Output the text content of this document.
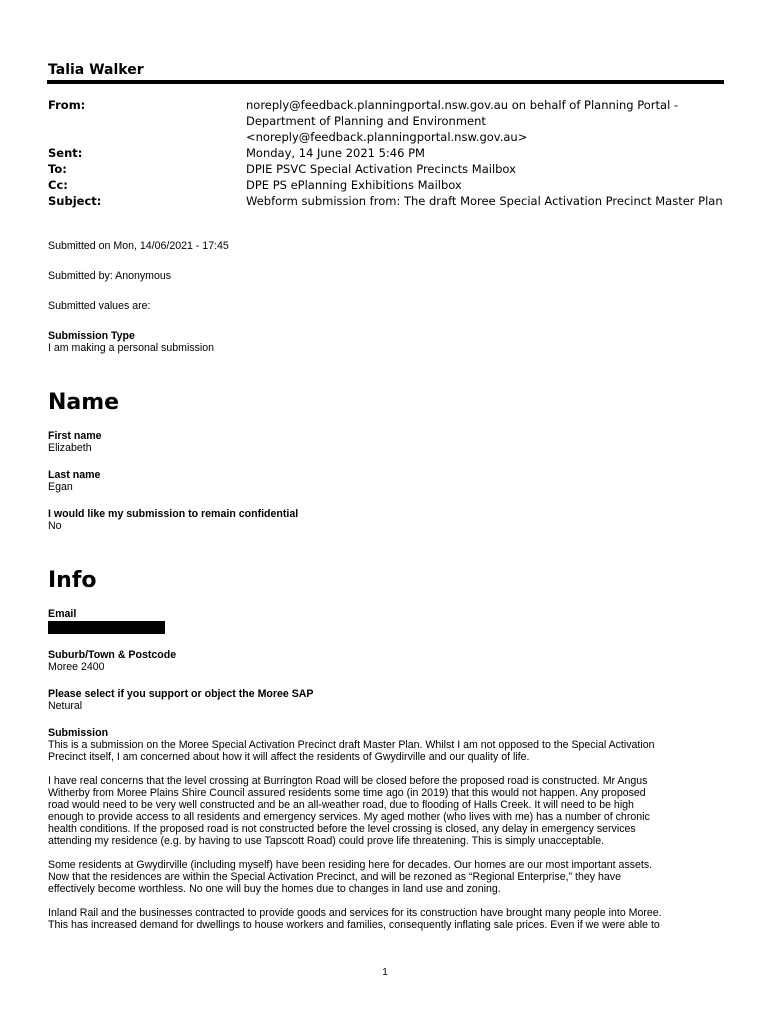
Talia Walker
From:	noreply@feedback.planningportal.nsw.gov.au on behalf of Planning Portal -
Department of Planning and Environment
<noreply@feedback.planningportal.nsw.gov.au>
Sent:	Monday, 14 June 2021 5:46 PM
To:	DPIE PSVC Special Activation Precincts Mailbox
Cc:	DPE PS ePlanning Exhibitions Mailbox
Subject:	Webform submission from: The draft Moree Special Activation Precinct Master Plan

Submitted on Mon, 14/06/2021 - 17:45

Submitted by: Anonymous

Submitted values are:

Submission Type
I am making a personal submission
Name
First name
Elizabeth
Last name
Egan
I would like my submission to remain confidential
No
Info
Email
Suburb/Town & Postcode
Moree 2400
Please select if you support or object the Moree SAP
Netural
Submission
This is a submission on the Moree Special Activation Precinct draft Master Plan. Whilst I am not opposed to the Special Activation
Precinct itself, I am concerned about how it will affect the residents of Gwydirville and our quality of life.
I have real concerns that the level crossing at Burrington Road will be closed before the proposed road is constructed. Mr Angus
Witherby from Moree Plains Shire Council assured residents some time ago (in 2019) that this would not happen. Any proposed
road would need to be very well constructed and be an all-weather road, due to flooding of Halls Creek. It will need to be high
enough to provide access to all residents and emergency services. My aged mother (who lives with me) has a number of chronic
health conditions. If the proposed road is not constructed before the level crossing is closed, any delay in emergency services
attending my residence (e.g. by having to use Tapscott Road) could prove life threatening. This is simply unacceptable.
Some residents at Gwydirville (including myself) have been residing here for decades. Our homes are our most important assets.
Now that the residences are within the Special Activation Precinct, and will be rezoned as “Regional Enterprise,” they have
effectively become worthless. No one will buy the homes due to changes in land use and zoning.
Inland Rail and the businesses contracted to provide goods and services for its construction have brought many people into Moree.
This has increased demand for dwellings to house workers and families, consequently inflating sale prices. Even if we were able to
1
